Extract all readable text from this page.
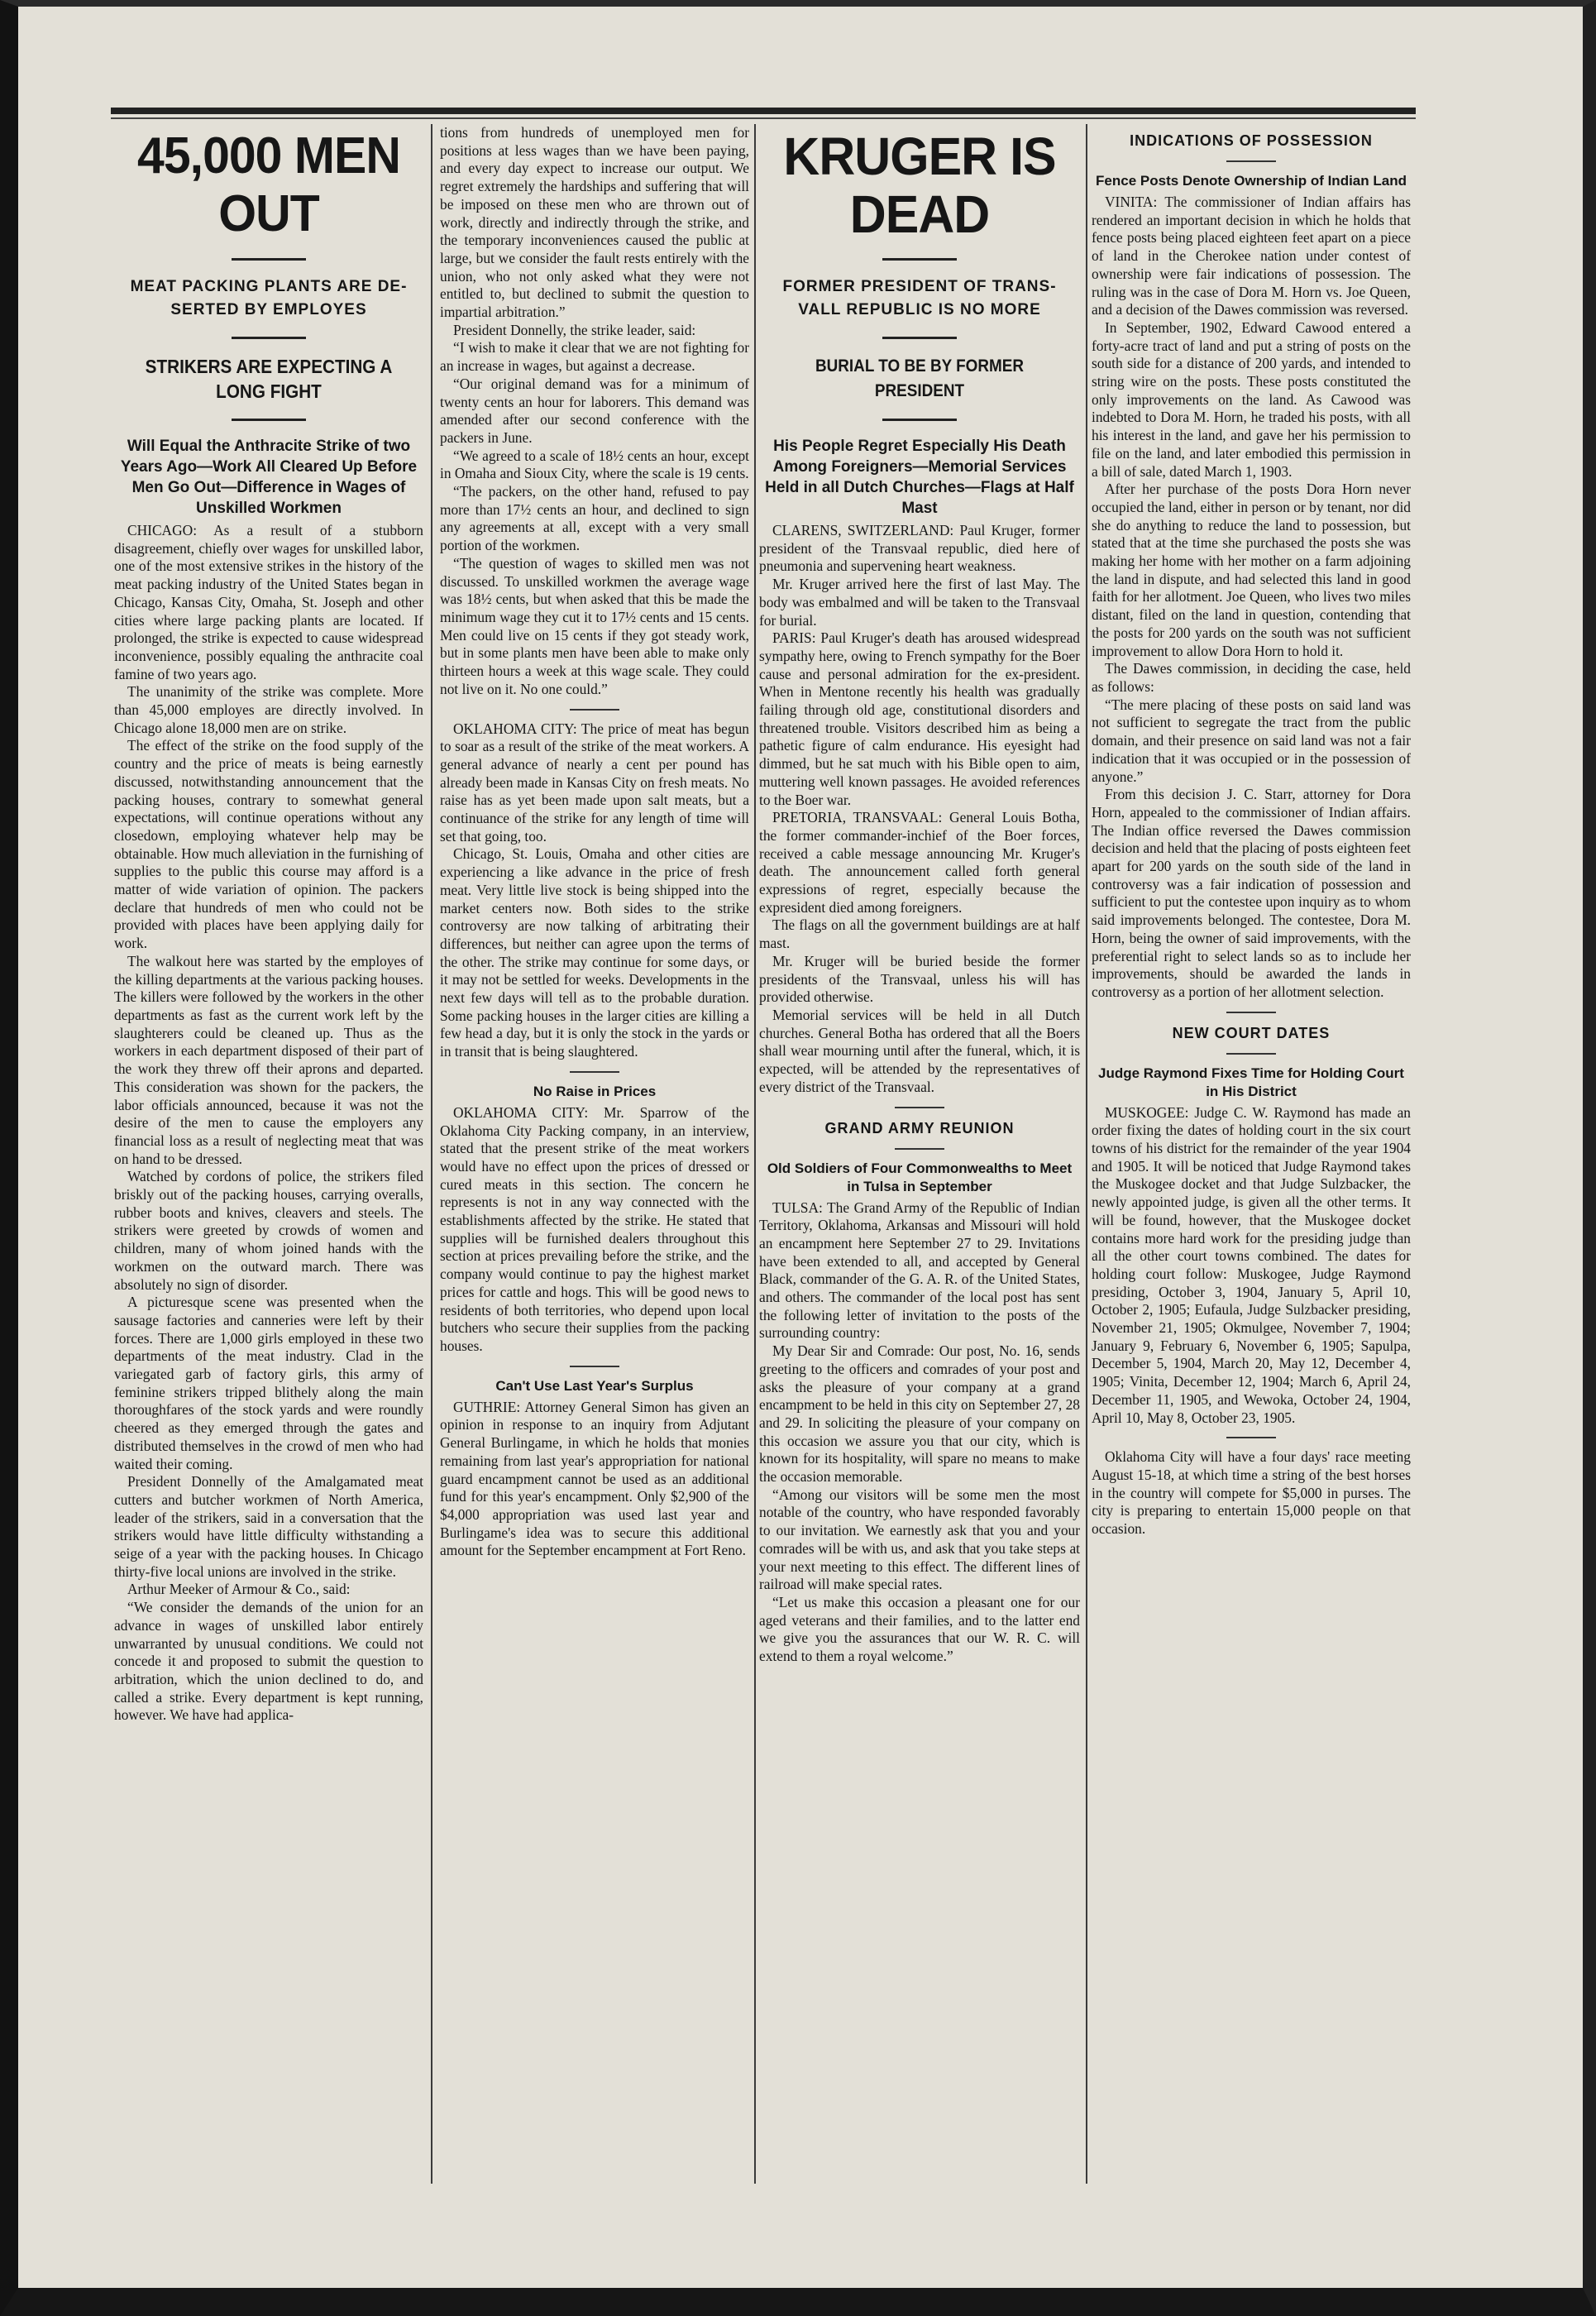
45,000 MEN OUT
MEAT PACKING PLANTS ARE DE- SERTED BY EMPLOYES
STRIKERS ARE EXPECTING A LONG FIGHT
Will Equal the Anthracite Strike of two Years Ago—Work All Cleared Up Before Men Go Out—Difference in Wages of Unskilled Workmen

CHICAGO: As a result of a stubborn disagreement, chiefly over wages for unskilled labor, one of the most extensive strikes in the history of the meat packing industry of the United States began in Chicago, Kansas City, Omaha, St. Joseph and other cities where large packing plants are located. If prolonged, the strike is expected to cause widespread inconvenience, possibly equaling the anthracite coal famine of two years ago.

The unanimity of the strike was complete. More than 45,000 employes are directly involved. In Chicago alone 18,000 men are on strike.

The effect of the strike on the food supply of the country and the price of meats is being earnestly discussed, notwithstanding announcement that the packing houses, contrary to somewhat general expectations, will continue operations without any closedown, employing whatever help may be obtainable. How much alleviation in the furnishing of supplies to the public this course may afford is a matter of wide variation of opinion. The packers declare that hundreds of men who could not be provided with places have been applying daily for work.

The walkout here was started by the employes of the killing departments at the various packing houses. The killers were followed by the workers in the other departments as fast as the current work left by the slaughterers could be cleaned up. Thus as the workers in each department disposed of their part of the work they threw off their aprons and departed. This consideration was shown for the packers, the labor officials announced, because it was not the desire of the men to cause the employers any financial loss as a result of neglecting meat that was on hand to be dressed.

Watched by cordons of police, the strikers filed briskly out of the packing houses, carrying overalls, rubber boots and knives, cleavers and steels. The strikers were greeted by crowds of women and children, many of whom joined hands with the workmen on the outward march. There was absolutely no sign of disorder.

A picturesque scene was presented when the sausage factories and canneries were left by their forces. There are 1,000 girls employed in these two departments of the meat industry. Clad in the variegated garb of factory girls, this army of feminine strikers tripped blithely along the main thoroughfares of the stock yards and were roundly cheered as they emerged through the gates and distributed themselves in the crowd of men who had waited their coming.

President Donnelly of the Amalgamated meat cutters and butcher workmen of North America, leader of the strikers, said in a conversation that the strikers would have little difficulty withstanding a seige of a year with the packing houses. In Chicago thirty-five local unions are involved in the strike.

Arthur Meeker of Armour & Co., said:

“We consider the demands of the union for an advance in wages of unskilled labor entirely unwarranted by unusual conditions. We could not concede it and proposed to submit the question to arbitration, which the union declined to do, and called a strike. Every department is kept running, however. We have had applica-

tions from hundreds of unemployed men for positions at less wages than we have been paying, and every day expect to increase our output. We regret extremely the hardships and suffering that will be imposed on these men who are thrown out of work, directly and indirectly through the strike, and the temporary inconveniences caused the public at large, but we consider the fault rests entirely with the union, who not only asked what they were not entitled to, but declined to submit the question to impartial arbitration.”

President Donnelly, the strike leader, said:

“I wish to make it clear that we are not fighting for an increase in wages, but against a decrease.

“Our original demand was for a minimum of twenty cents an hour for laborers. This demand was amended after our second conference with the packers in June.

“We agreed to a scale of 18½ cents an hour, except in Omaha and Sioux City, where the scale is 19 cents.

“The packers, on the other hand, refused to pay more than 17½ cents an hour, and declined to sign any agreements at all, except with a very small portion of the workmen.

“The question of wages to skilled men was not discussed. To unskilled workmen the average wage was 18½ cents, but when asked that this be made the minimum wage they cut it to 17½ cents and 15 cents. Men could live on 15 cents if they got steady work, but in some plants men have been able to make only thirteen hours a week at this wage scale. They could not live on it. No one could.”

OKLAHOMA CITY: The price of meat has begun to soar as a result of the strike of the meat workers. A general advance of nearly a cent per pound has already been made in Kansas City on fresh meats. No raise has as yet been made upon salt meats, but a continuance of the strike for any length of time will set that going, too.

Chicago, St. Louis, Omaha and other cities are experiencing a like advance in the price of fresh meat. Very little live stock is being shipped into the market centers now. Both sides to the strike controversy are now talking of arbitrating their differences, but neither can agree upon the terms of the other. The strike may continue for some days, or it may not be settled for weeks. Developments in the next few days will tell as to the probable duration. Some packing houses in the larger cities are killing a few head a day, but it is only the stock in the yards or in transit that is being slaughtered.

No Raise in Prices

OKLAHOMA CITY: Mr. Sparrow of the Oklahoma City Packing company, in an interview, stated that the present strike of the meat workers would have no effect upon the prices of dressed or cured meats in this section. The concern he represents is not in any way connected with the establishments affected by the strike. He stated that supplies will be furnished dealers throughout this section at prices prevailing before the strike, and the company would continue to pay the highest market prices for cattle and hogs. This will be good news to residents of both territories, who depend upon local butchers who secure their supplies from the packing houses.

Can't Use Last Year's Surplus

GUTHRIE: Attorney General Simon has given an opinion in response to an inquiry from Adjutant General Burlingame, in which he holds that monies remaining from last year's appropriation for national guard encampment cannot be used as an additional fund for this year's encampment. Only $2,900 of the $4,000 appropriation was used last year and Burlingame's idea was to secure this additional amount for the September encampment at Fort Reno.

KRUGER IS DEAD
FORMER PRESIDENT OF TRANS- VALL REPUBLIC IS NO MORE
BURIAL TO BE BY FORMER PRESIDENT
His People Regret Especially His Death Among Foreigners—Memorial Services Held in all Dutch Churches—Flags at Half Mast

CLARENS, SWITZERLAND: Paul Kruger, former president of the Transvaal republic, died here of pneumonia and supervening heart weakness.

Mr. Kruger arrived here the first of last May. The body was embalmed and will be taken to the Transvaal for burial.

PARIS: Paul Kruger's death has aroused widespread sympathy here, owing to French sympathy for the Boer cause and personal admiration for the ex-president. When in Mentone recently his health was gradually failing through old age, constitutional disorders and threatened trouble. Visitors described him as being a pathetic figure of calm endurance. His eyesight had dimmed, but he sat much with his Bible open to aim, muttering well known passages. He avoided references to the Boer war.

PRETORIA, TRANSVAAL: General Louis Botha, the former commander-inchief of the Boer forces, received a cable message announcing Mr. Kruger's death. The announcement called forth general expressions of regret, especially because the expresident died among foreigners.

The flags on all the government buildings are at half mast.

Mr. Kruger will be buried beside the former presidents of the Transvaal, unless his will has provided otherwise.

Memorial services will be held in all Dutch churches. General Botha has ordered that all the Boers shall wear mourning until after the funeral, which, it is expected, will be attended by the representatives of every district of the Transvaal.

GRAND ARMY REUNION
Old Soldiers of Four Commonwealths to Meet in Tulsa in September

TULSA: The Grand Army of the Republic of Indian Territory, Oklahoma, Arkansas and Missouri will hold an encampment here September 27 to 29. Invitations have been extended to all, and accepted by General Black, commander of the G. A. R. of the United States, and others. The commander of the local post has sent the following letter of invitation to the posts of the surrounding country:

My Dear Sir and Comrade: Our post, No. 16, sends greeting to the officers and comrades of your post and asks the pleasure of your company at a grand encampment to be held in this city on September 27, 28 and 29. In soliciting the pleasure of your company on this occasion we assure you that our city, which is known for its hospitality, will spare no means to make the occasion memorable.

“Among our visitors will be some men the most notable of the country, who have responded favorably to our invitation. We earnestly ask that you and your comrades will be with us, and ask that you take steps at your next meeting to this effect. The different lines of railroad will make special rates.

“Let us make this occasion a pleasant one for our aged veterans and their families, and to the latter end we give you the assurances that our W. R. C. will extend to them a royal welcome.”

INDICATIONS OF POSSESSION
Fence Posts Denote Ownership of Indian Land

VINITA: The commissioner of Indian affairs has rendered an important decision in which he holds that fence posts being placed eighteen feet apart on a piece of land in the Cherokee nation under contest of ownership were fair indications of possession. The ruling was in the case of Dora M. Horn vs. Joe Queen, and a decision of the Dawes commission was reversed.

In September, 1902, Edward Cawood entered a forty-acre tract of land and put a string of posts on the south side for a distance of 200 yards, and intended to string wire on the posts. These posts constituted the only improvements on the land. As Cawood was indebted to Dora M. Horn, he traded his posts, with all his interest in the land, and gave her his permission to file on the land, and later embodied this permission in a bill of sale, dated March 1, 1903.

After her purchase of the posts Dora Horn never occupied the land, either in person or by tenant, nor did she do anything to reduce the land to possession, but stated that at the time she purchased the posts she was making her home with her mother on a farm adjoining the land in dispute, and had selected this land in good faith for her allotment. Joe Queen, who lives two miles distant, filed on the land in question, contending that the posts for 200 yards on the south was not sufficient improvement to allow Dora Horn to hold it.

The Dawes commission, in deciding the case, held as follows:

“The mere placing of these posts on said land was not sufficient to segregate the tract from the public domain, and their presence on said land was not a fair indication that it was occupied or in the possession of anyone.”

From this decision J. C. Starr, attorney for Dora Horn, appealed to the commissioner of Indian affairs. The Indian office reversed the Dawes commission decision and held that the placing of posts eighteen feet apart for 200 yards on the south side of the land in controversy was a fair indication of possession and sufficient to put the contestee upon inquiry as to whom said improvements belonged. The contestee, Dora M. Horn, being the owner of said improvements, with the preferential right to select lands so as to include her improvements, should be awarded the lands in controversy as a portion of her allotment selection.

NEW COURT DATES
Judge Raymond Fixes Time for Holding Court in His District

MUSKOGEE: Judge C. W. Raymond has made an order fixing the dates of holding court in the six court towns of his district for the remainder of the year 1904 and 1905. It will be noticed that Judge Raymond takes the Muskogee docket and that Judge Sulzbacker, the newly appointed judge, is given all the other terms. It will be found, however, that the Muskogee docket contains more hard work for the presiding judge than all the other court towns combined. The dates for holding court follow: Muskogee, Judge Raymond presiding, October 3, 1904, January 5, April 10, October 2, 1905; Eufaula, Judge Sulzbacker presiding, November 21, 1905; Okmulgee, November 7, 1904; January 9, February 6, November 6, 1905; Sapulpa, December 5, 1904, March 20, May 12, December 4, 1905; Vinita, December 12, 1904; March 6, April 24, December 11, 1905, and Wewoka, October 24, 1904, April 10, May 8, October 23, 1905.

Oklahoma City will have a four days' race meeting August 15-18, at which time a string of the best horses in the country will compete for $5,000 in purses. The city is preparing to entertain 15,000 people on that occasion.
